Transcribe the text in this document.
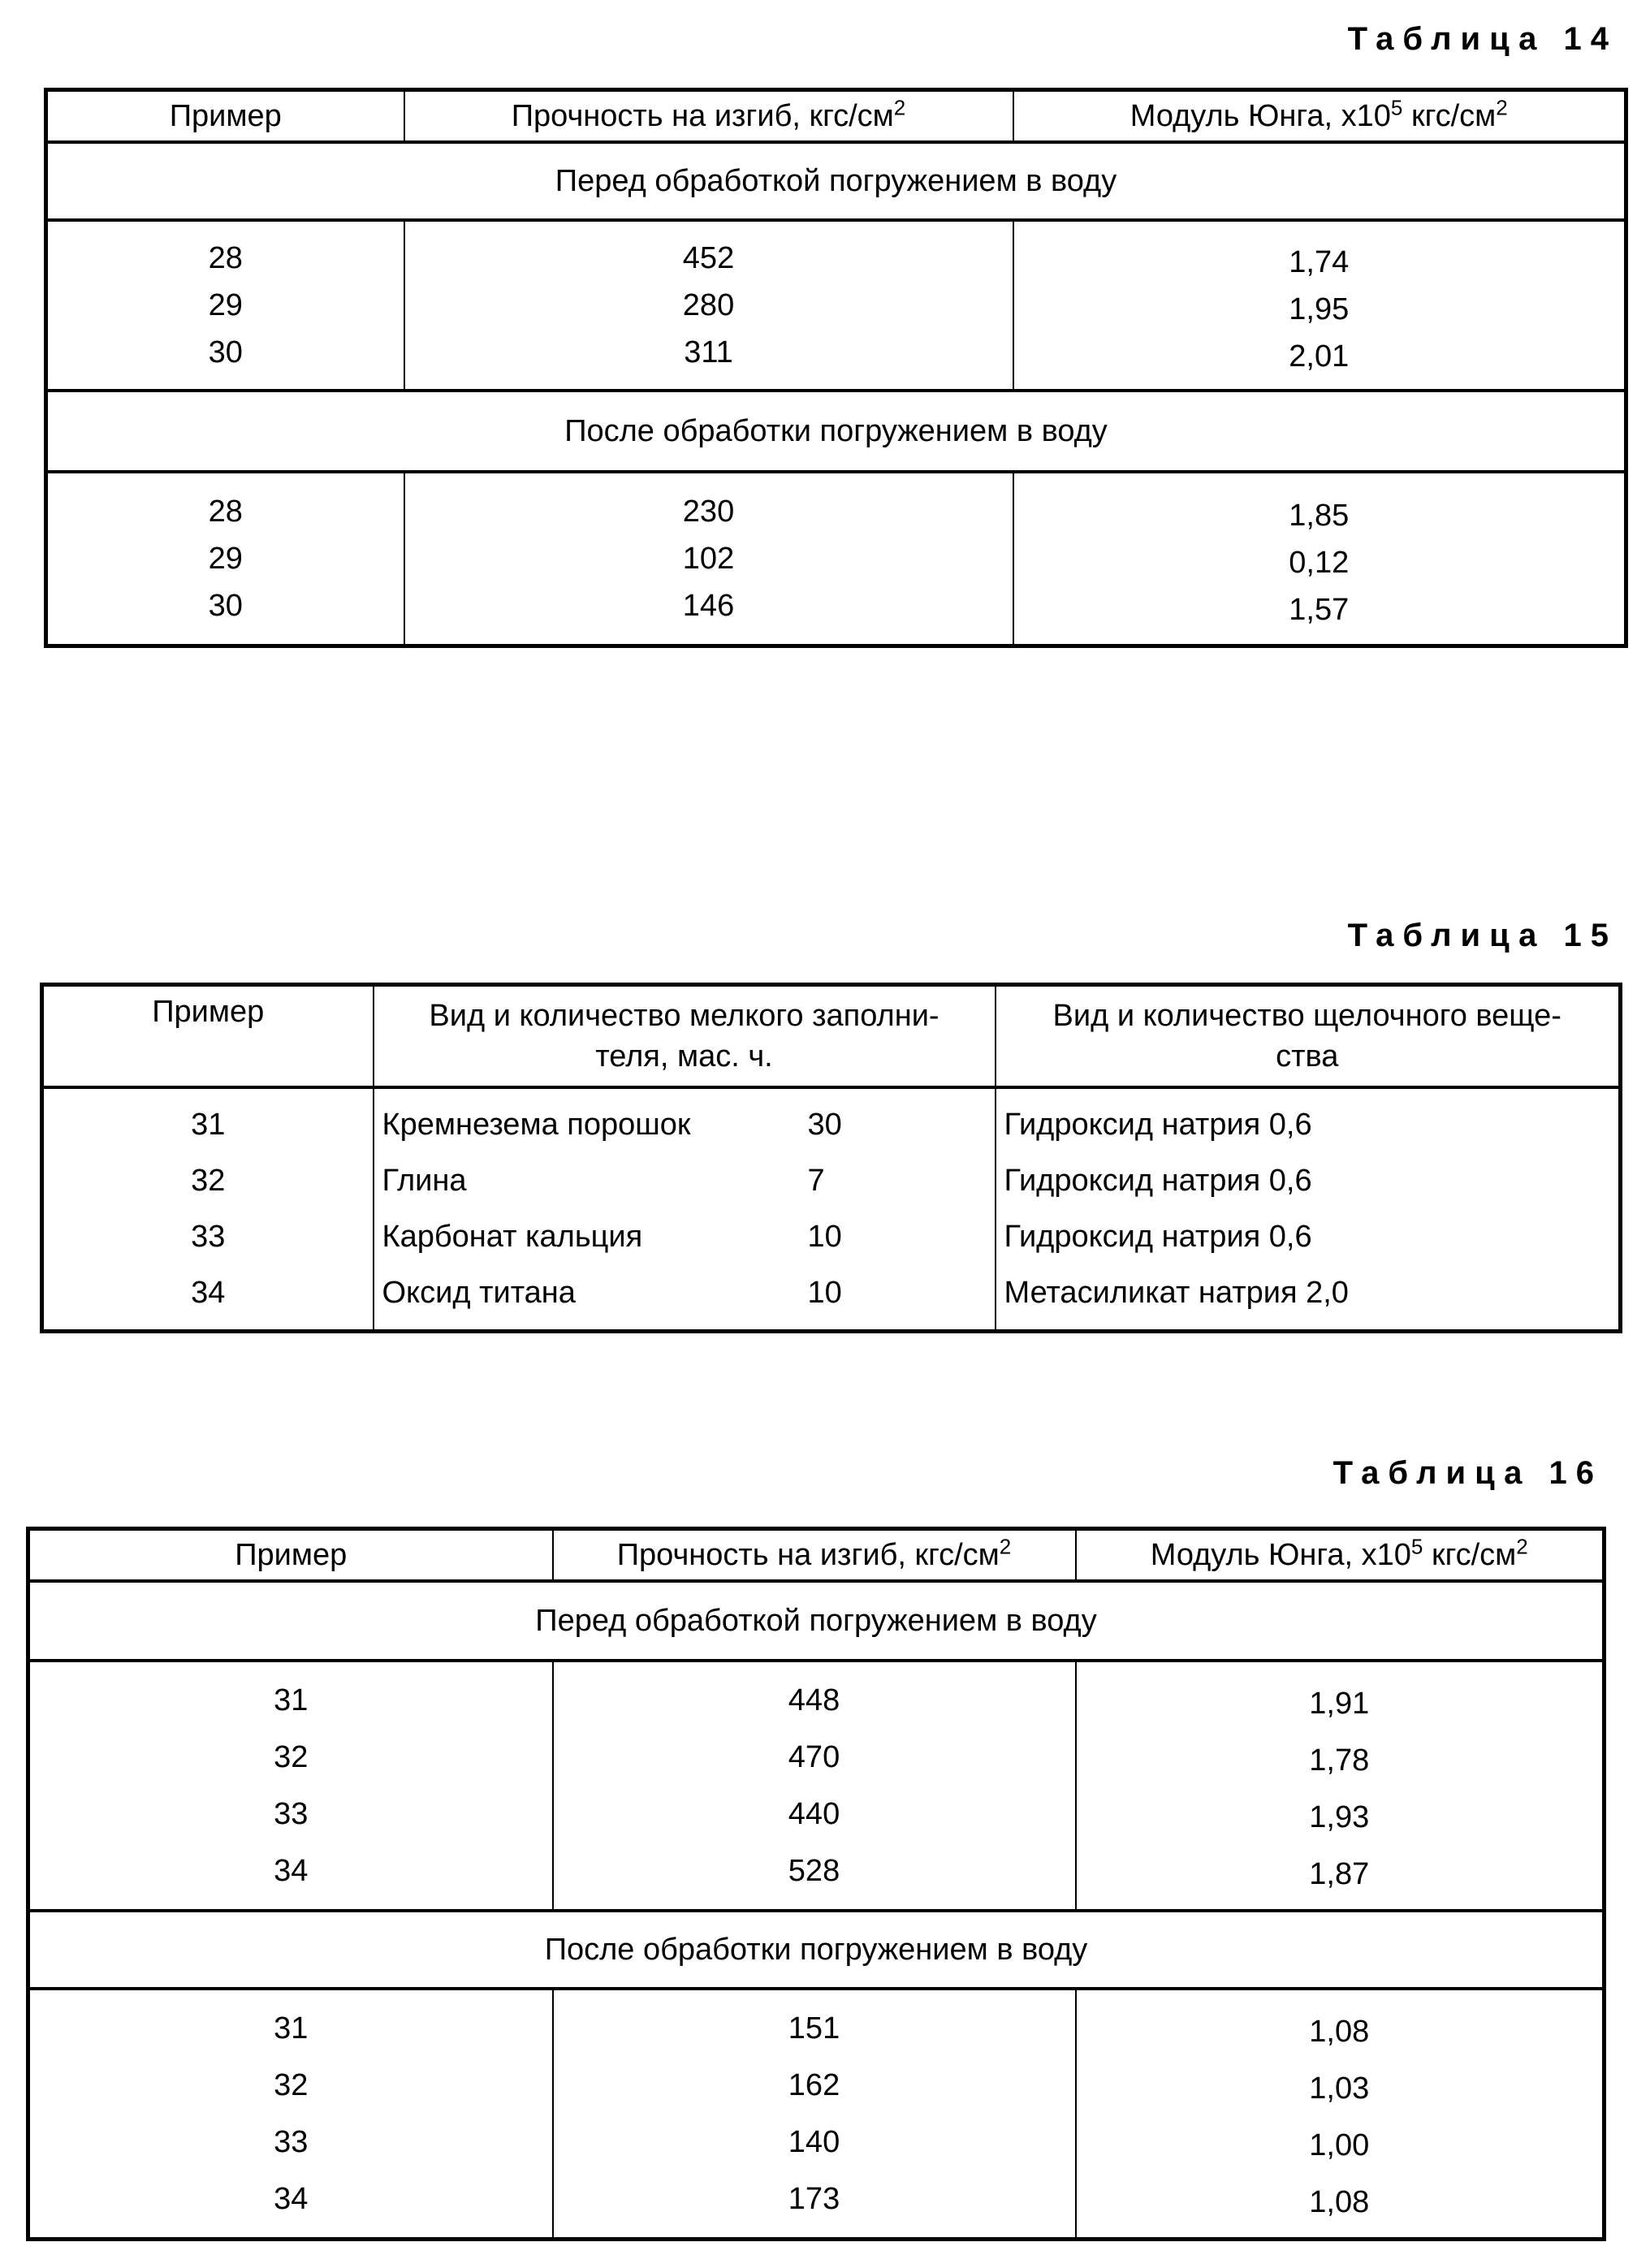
Таблица 14
Пример	Прочность на изгиб, кгс/см2	Модуль Юнга, х105 кгс/см2
Перед обработкой погружением в воду

28
29
30

452
280
311

1,74
1,95
2,01

После обработки погружением в воду

28
29
30

230
102
146

1,85
0,12
1,57
Таблица 15
Пример	Вид и количество мелкого заполни-
теля, мас. ч.

Вид и количество щелочного веще-
ства

31
32
33
34

Кремнезема порошок	30
Глина	7
Карбонат кальция	10
Оксид титана	10

Гидроксид натрия 0,6
Гидроксид натрия 0,6
Гидроксид натрия 0,6
Метасиликат натрия 2,0
Таблица 16
Пример	Прочность на изгиб, кгс/см2	Модуль Юнга, х105 кгс/см2
Перед обработкой погружением в воду

31
32
33
34

448
470
440
528

1,91
1,78
1,93
1,87

После обработки погружением в воду

31
32
33
34

151
162
140
173

1,08
1,03
1,00
1,08
